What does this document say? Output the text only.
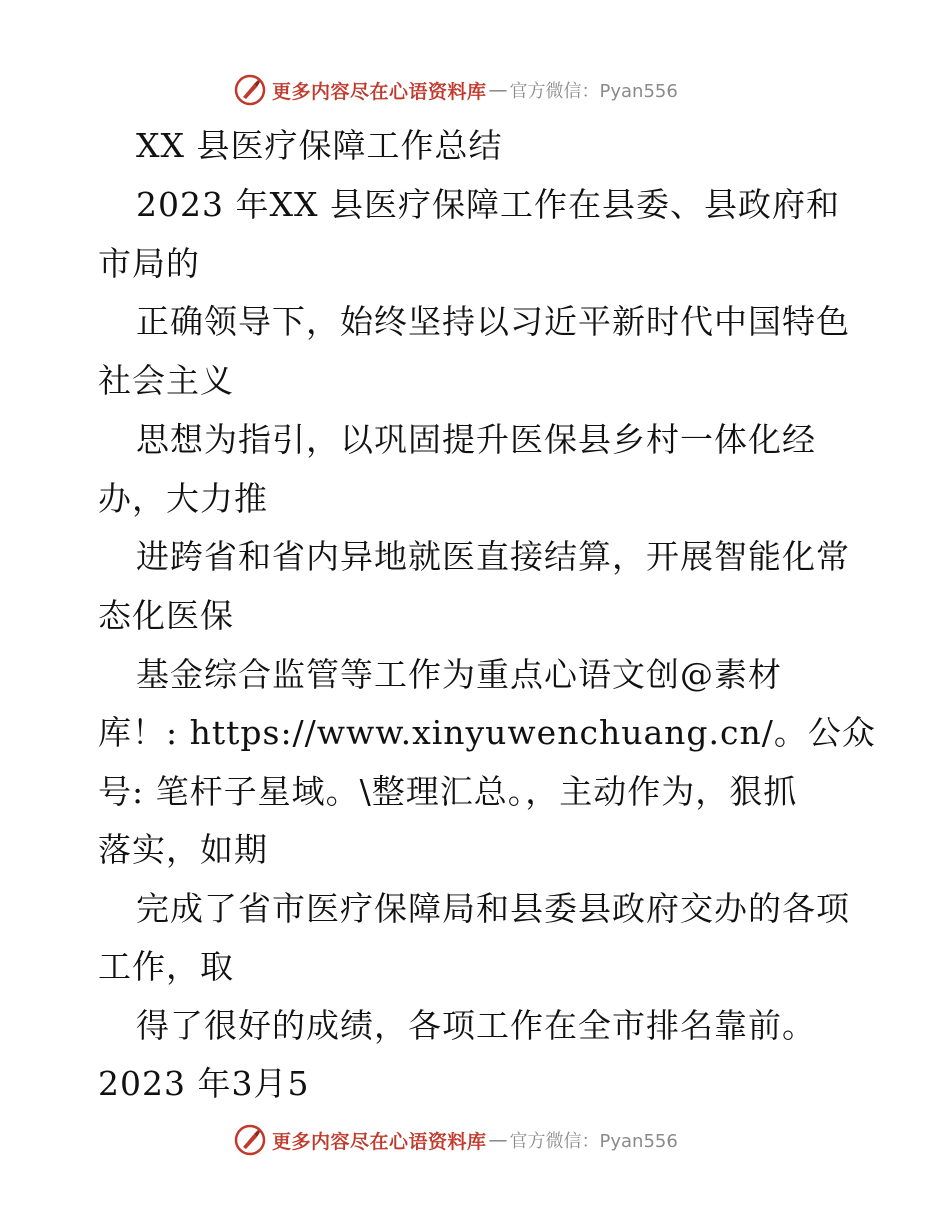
更多内容尽在心语资料库 — 官方微信：Pyan556
XX 县医疗保障工作总结
2023 年XX 县医疗保障工作在县委、县政府和
市局的
正确领导下，始终坚持以习近平新时代中国特色
社会主义
思想为指引，以巩固提升医保县乡村一体化经
办，大力推
进跨省和省内异地就医直接结算，开展智能化常
态化医保
基金综合监管等工作为重点心语文创@素材
库！: https://www.xinyuwenchuang.cn/。公众
号: 笔杆子星域。\整理汇总。，主动作为，狠抓
落实，如期
完成了省市医疗保障局和县委县政府交办的各项
工作，取
得了很好的成绩，各项工作在全市排名靠前。
2023 年3月5
更多内容尽在心语资料库 — 官方微信：Pyan556
